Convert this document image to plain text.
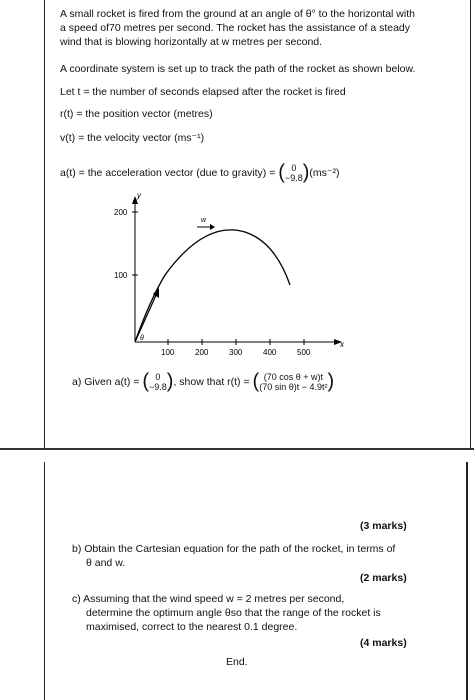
A small rocket is fired from the ground at an angle of θ° to the horizontal with
a speed of70 metres per second. The rocket has the assistance of a steady
wind that is blowing horizontally at w metres per second.
A coordinate system is set up to track the path of the rocket as shown below.
Let t = the number of seconds elapsed after the rocket is fired
r(t) = the position vector (metres)
v(t) = the velocity vector (ms⁻¹)
a(t) = the acceleration vector (due to gravity) = ( 0
−9.8)(ms⁻²)
y
x
200
100
100	200	300	400	500
θ
w
a) Given a(t) = ( 0
−9.8), show that r(t) = ( (70 cos θ + w)t
(70 sin θ)t − 4.9t²)
(3 marks)
b) Obtain the Cartesian equation for the path of the rocket, in terms of
θ and w.
(2 marks)
c) Assuming that the wind speed w = 2 metres per second,
determine the optimum angle θso that the range of the rocket is
maximised, correct to the nearest 0.1 degree.
(4 marks)
End.
